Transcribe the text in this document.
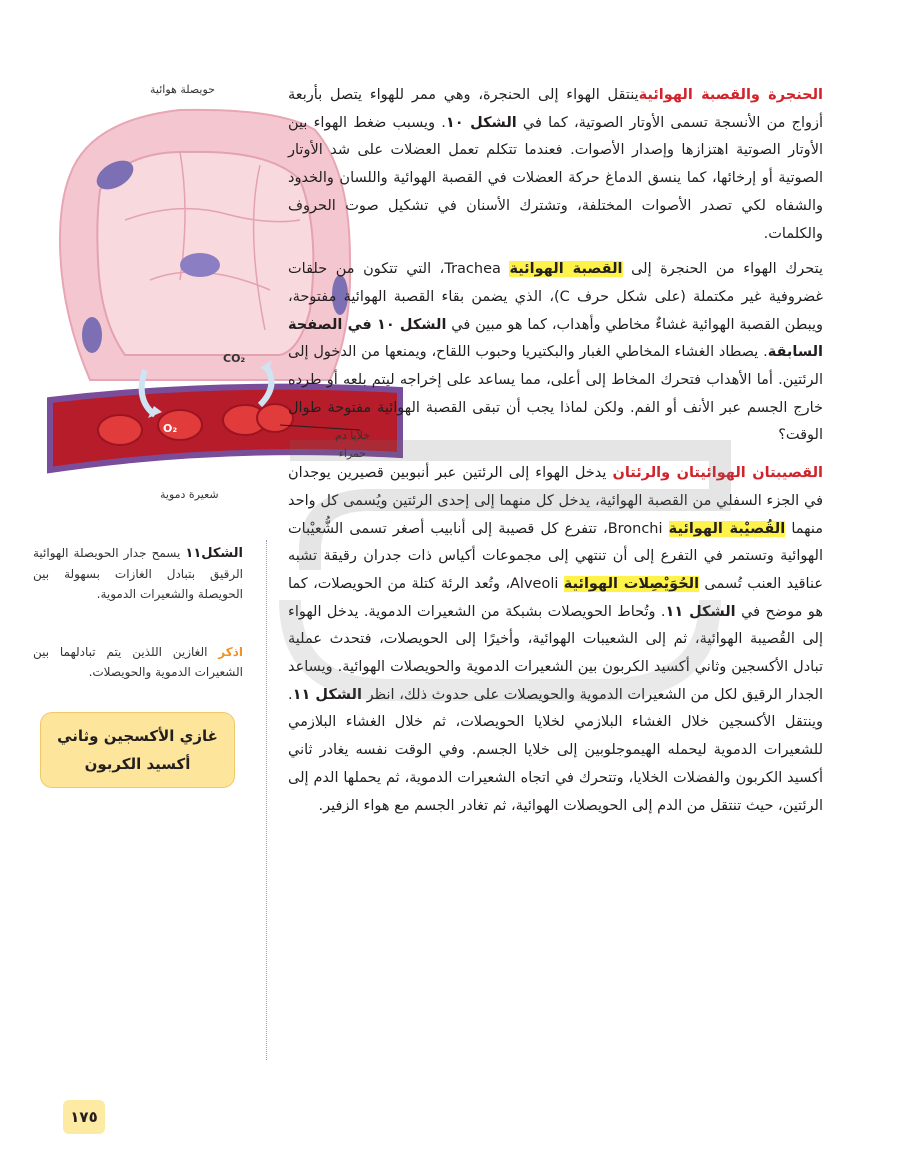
حويصلة هوائية
CO₂
O₂
خلايا دم
حمراء
شعيرة دموية

الحنجرة والقصبة الهوائيةينتقل الهواء إلى الحنجرة، وهي ممر للهواء يتصل بأربعة أزواج من الأنسجة تسمى الأوتار الصوتية، كما في الشكل ١٠. ويسبب ضغط الهواء بين الأوتار الصوتية اهتزازها وإصدار الأصوات. فعندما تتكلم تعمل العضلات على شد الأوتار الصوتية أو إرخائها، كما ينسق الدماغ حركة العضلات في القصبة الهوائية واللسان والخدود والشفاه لكي تصدر الأصوات المختلفة، وتشترك الأسنان في تشكيل صوت الحروف والكلمات.

يتحرك الهواء من الحنجرة إلى القصبة الهوائية Trachea، التي تتكون من حلقات غضروفية غير مكتملة (على شكل حرف C)، الذي يضمن بقاء القصبة الهوائية مفتوحة، ويبطن القصبة الهوائية غشاءٌ مخاطي وأهداب، كما هو مبين في الشكل ١٠ في الصفحة السابقة. يصطاد الغشاء المخاطي الغبار والبكتيريا وحبوب اللقاح، ويمنعها من الدخول إلى الرئتين. أما الأهداب فتحرك المخاط إلى أعلى، مما يساعد على إخراجه ليتم بلعه أو طرده خارج الجسم عبر الأنف أو الفم. ولكن لماذا يجب أن تبقى القصبة الهوائية مفتوحة طوال الوقت؟

القصيبتان الهوائيتان والرئتان يدخل الهواء إلى الرئتين عبر أنبوبين قصيرين يوجدان في الجزء السفلي من القصبة الهوائية، يدخل كل منهما إلى إحدى الرئتين ويُسمى كل واحد منهما القُصيْبة الهوائية Bronchi، تتفرع كل قصيبة إلى أنابيب أصغر تسمى الشُّعيْبات الهوائية وتستمر في التفرع إلى أن تنتهي إلى مجموعات أكياس ذات جدران رقيقة تشبه عناقيد العنب تُسمى الحُوَيْصِلات الهوائية Alveoli، وتُعد الرئة كتلة من الحويصلات، كما هو موضح في الشكل ١١. وتُحاط الحويصلات بشبكة من الشعيرات الدموية. يدخل الهواء إلى القُصيبة الهوائية، ثم إلى الشعيبات الهوائية، وأخيرًا إلى الحويصلات، فتحدث عملية تبادل الأكسجين وثاني أكسيد الكربون بين الشعيرات الدموية والحويصلات الهوائية. ويساعد الجدار الرقيق لكل من الشعيرات الدموية والحويصلات على حدوث ذلك، انظر الشكل ١١. وينتقل الأكسجين خلال الغشاء البلازمي لخلايا الحويصلات، ثم خلال الغشاء البلازمي للشعيرات الدموية ليحمله الهيموجلوبين إلى خلايا الجسم. وفي الوقت نفسه يغادر ثاني أكسيد الكربون والفضلات الخلايا، وتتحرك في اتجاه الشعيرات الدموية، ثم يحملها الدم إلى الرئتين، حيث تنتقل من الدم إلى الحويصلات الهوائية، ثم تغادر الجسم مع هواء الزفير.

الشكل١١ يسمح جدار الحويصلة الهوائية الرقيق بتبادل الغازات بسهولة بين الحويصلة والشعيرات الدموية.
اذكر الغازين اللذين يتم تبادلهما بين الشعيرات الدموية والحويصلات.
غازي الأكسجين وثاني
أكسيد الكربون
١٧٥
